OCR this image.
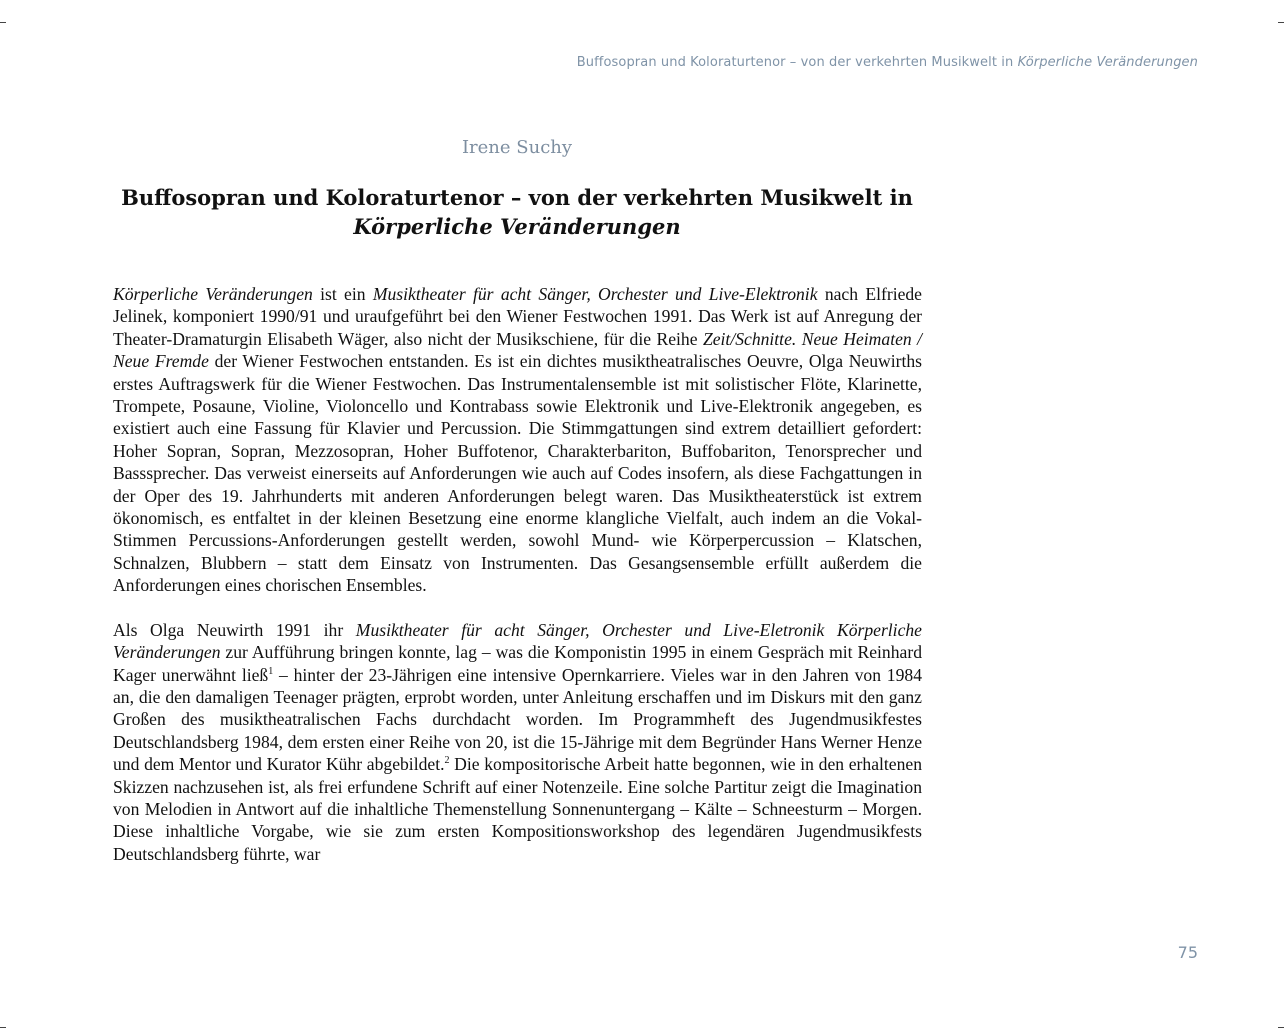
Buffosopran und Koloraturtenor – von der verkehrten Musikwelt in Körperliche Veränderungen
Irene Suchy
Buffosopran und Koloraturtenor – von der verkehrten Musikwelt in
Körperliche Veränderungen

Körperliche Veränderungen ist ein Musiktheater für acht Sänger, Orchester und Live-Elektronik nach Elfriede Jelinek, komponiert 1990/91 und uraufgeführt bei den Wiener Festwochen 1991. Das Werk ist auf Anregung der Theater-Dramaturgin Elisabeth Wäger, also nicht der Musikschiene, für die Reihe Zeit/Schnitte. Neue Heimaten / Neue Fremde der Wiener Festwochen entstanden. Es ist ein dichtes musiktheatralisches Oeuvre, Olga Neuwirths erstes Auftragswerk für die Wiener Festwochen. Das Instrumentalensemble ist mit solistischer Flöte, Klarinette, Trompete, Posaune, Violine, Violoncello und Kontrabass sowie Elektronik und Live-Elektronik angegeben, es existiert auch eine Fassung für Klavier und Percussion. Die Stimmgattungen sind extrem detailliert gefordert: Hoher Sopran, Sopran, Mezzosopran, Hoher Buffotenor, Charakterbariton, Buffobariton, Tenorsprecher und Basssprecher. Das verweist einerseits auf Anforderungen wie auch auf Codes insofern, als diese Fachgattungen in der Oper des 19. Jahrhunderts mit anderen Anforderungen belegt waren. Das Musiktheaterstück ist extrem ökonomisch, es entfaltet in der kleinen Besetzung eine enorme klangliche Vielfalt, auch indem an die Vokal-Stimmen Percussions-Anforderungen gestellt werden, sowohl Mund- wie Körperpercussion – Klatschen, Schnalzen, Blubbern – statt dem Einsatz von Instrumenten. Das Gesangsensemble erfüllt außerdem die Anforderungen eines chorischen Ensembles.

Als Olga Neuwirth 1991 ihr Musiktheater für acht Sänger, Orchester und Live-Eletronik Körperliche Veränderungen zur Aufführung bringen konnte, lag – was die Komponistin 1995 in einem Gespräch mit Reinhard Kager unerwähnt ließ$^1$ – hinter der 23-Jährigen eine intensive Opernkarriere. Vieles war in den Jahren von 1984 an, die den damaligen Teenager prägten, erprobt worden, unter Anleitung erschaffen und im Diskurs mit den ganz Großen des musiktheatralischen Fachs durchdacht worden. Im Programmheft des Jugendmusikfestes Deutschlandsberg 1984, dem ersten einer Reihe von 20, ist die 15-Jährige mit dem Begründer Hans Werner Henze und dem Mentor und Kurator Kühr abgebildet.$^2$ Die kompositorische Arbeit hatte begonnen, wie in den erhaltenen Skizzen nachzusehen ist, als frei erfundene Schrift auf einer Notenzeile. Eine solche Partitur zeigt die Imagination von Melodien in Antwort auf die inhaltliche Themenstellung Sonnenuntergang – Kälte – Schneesturm – Morgen. Diese inhaltliche Vorgabe, wie sie zum ersten Kompositionsworkshop des legendären Jugendmusikfests Deutschlandsberg führte, war

75
